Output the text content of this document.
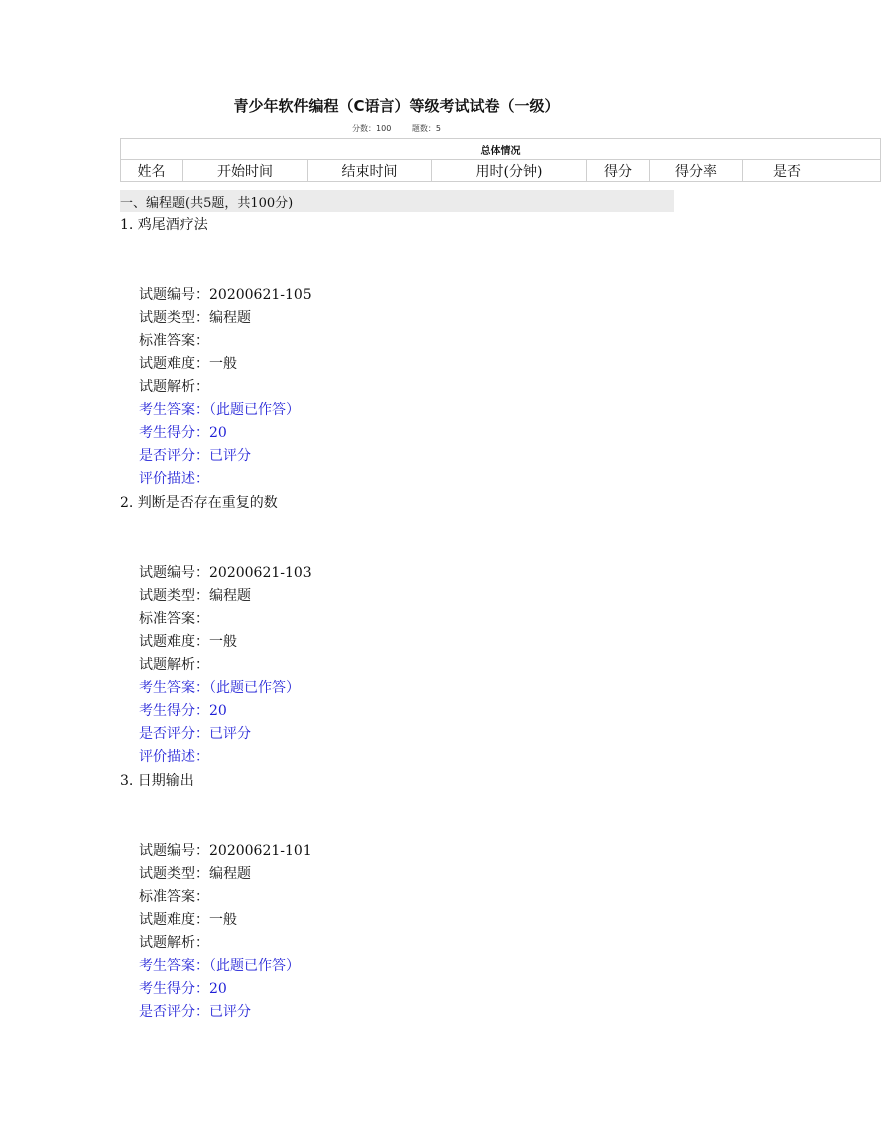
青少年软件编程（C语言）等级考试试卷（一级）
分数：100	题数：5
总体情况
姓名	开始时间	结束时间	用时(分钟)	得分	得分率	是否
一、编程题(共5题，共100分)
1. 鸡尾酒疗法
试题编号：20200621-105
试题类型：编程题
标准答案：
试题难度：一般
试题解析：
考生答案：（此题已作答）
考生得分：20
是否评分：已评分
评价描述：
2. 判断是否存在重复的数
试题编号：20200621-103
试题类型：编程题
标准答案：
试题难度：一般
试题解析：
考生答案：（此题已作答）
考生得分：20
是否评分：已评分
评价描述：
3. 日期输出
试题编号：20200621-101
试题类型：编程题
标准答案：
试题难度：一般
试题解析：
考生答案：（此题已作答）
考生得分：20
是否评分：已评分
